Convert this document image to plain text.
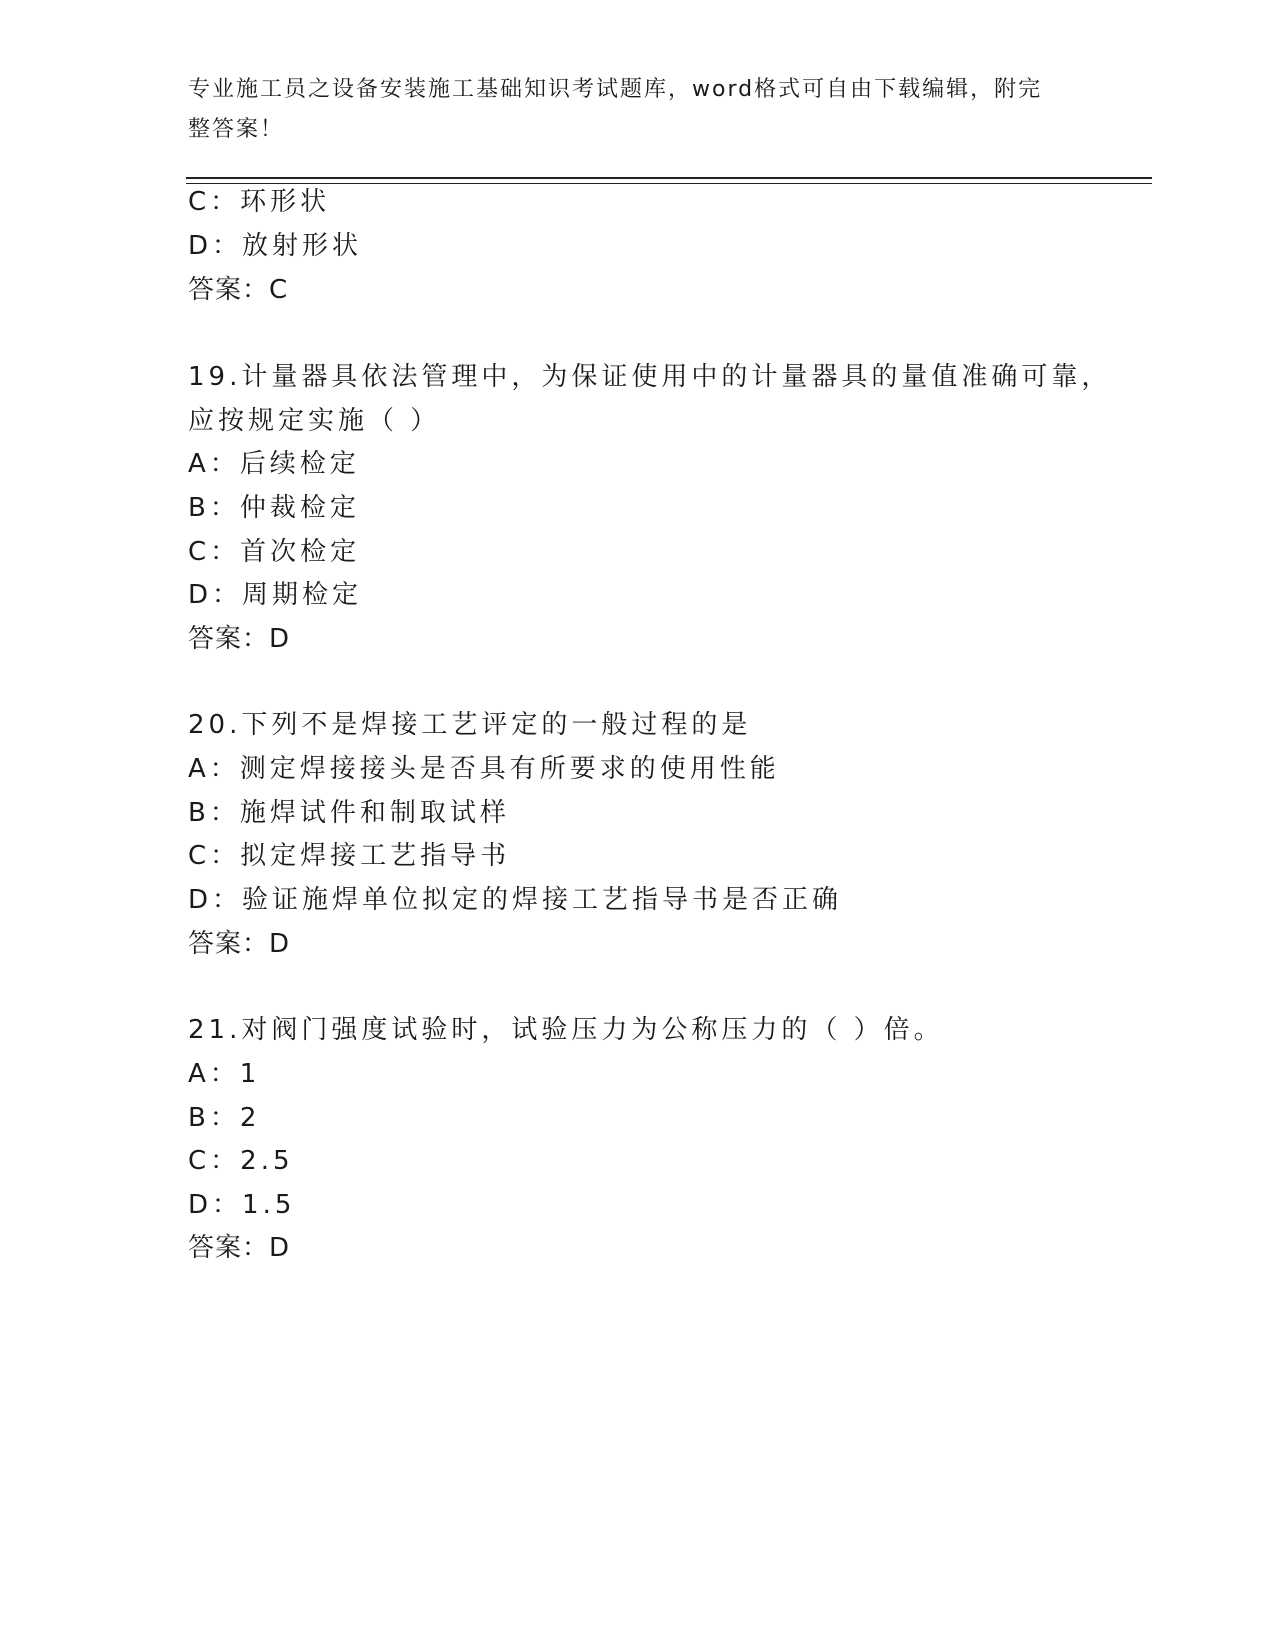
专业施工员之设备安装施工基础知识考试题库，word格式可自由下载编辑，附完
整答案！
C：环形状
D：放射形状
答案：C
19.计量器具依法管理中，为保证使用中的计量器具的量值准确可靠，
应按规定实施（ ）
A：后续检定
B：仲裁检定
C：首次检定
D：周期检定
答案：D
20.下列不是焊接工艺评定的一般过程的是
A：测定焊接接头是否具有所要求的使用性能
B：施焊试件和制取试样
C：拟定焊接工艺指导书
D：验证施焊单位拟定的焊接工艺指导书是否正确
答案：D
21.对阀门强度试验时，试验压力为公称压力的（ ）倍。
A：1
B：2
C：2.5
D：1.5
答案：D
